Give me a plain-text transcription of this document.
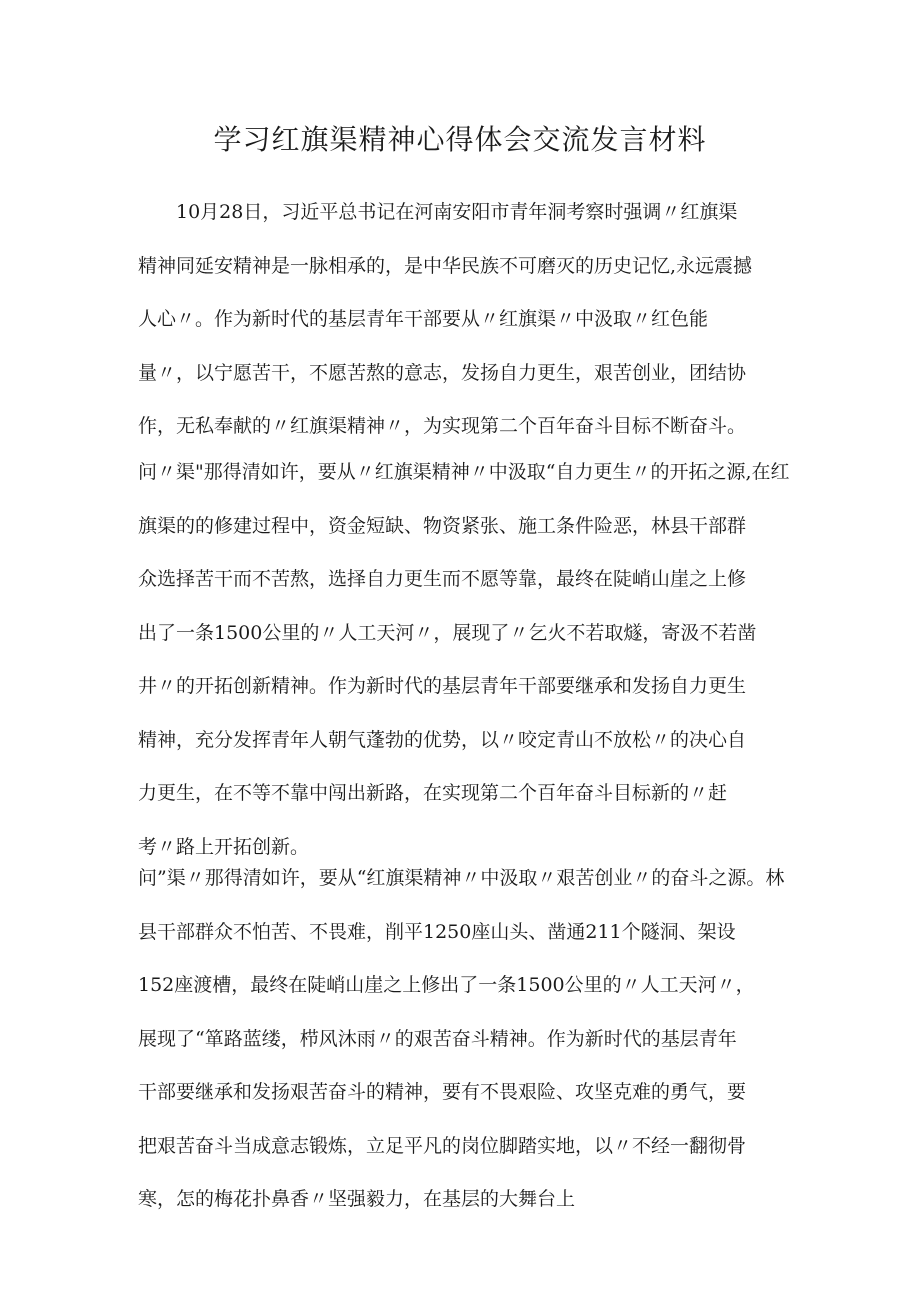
学习红旗渠精神心得体会交流发言材料

10月28日，习近平总书记在河南安阳市青年洞考察时强调〃红旗渠
精神同延安精神是一脉相承的，是中华民族不可磨灭的历史记忆,永远震撼
人心〃。作为新时代的基层青年干部要从〃红旗渠〃中汲取〃红色能
量〃，以宁愿苦干，不愿苦熬的意志，发扬自力更生，艰苦创业，团结协
作，无私奉献的〃红旗渠精神〃，为实现第二个百年奋斗目标不断奋斗。

问〃渠"那得清如许，要从〃红旗渠精神〃中汲取“自力更生〃的开拓之源,在红
旗渠的的修建过程中，资金短缺、物资紧张、施工条件险恶，林县干部群
众选择苦干而不苦熬，选择自力更生而不愿等靠，最终在陡峭山崖之上修
出了一条1500公里的〃人工天河〃，展现了〃乞火不若取燧，寄汲不若凿
井〃的开拓创新精神。作为新时代的基层青年干部要继承和发扬自力更生
精神，充分发挥青年人朝气蓬勃的优势，以〃咬定青山不放松〃的决心自
力更生，在不等不靠中闯出新路，在实现第二个百年奋斗目标新的〃赶
考〃路上开拓创新。

问”渠〃那得清如许，要从“红旗渠精神〃中汲取〃艰苦创业〃的奋斗之源。林
县干部群众不怕苦、不畏难，削平1250座山头、凿通211个隧洞、架设
152座渡槽，最终在陡峭山崖之上修出了一条1500公里的〃人工天河〃，
展现了“箪路蓝缕，栉风沐雨〃的艰苦奋斗精神。作为新时代的基层青年
干部要继承和发扬艰苦奋斗的精神，要有不畏艰险、攻坚克难的勇气，要
把艰苦奋斗当成意志锻炼，立足平凡的岗位脚踏实地，以〃不经一翻彻骨
寒，怎的梅花扑鼻香〃坚强毅力，在基层的大舞台上
